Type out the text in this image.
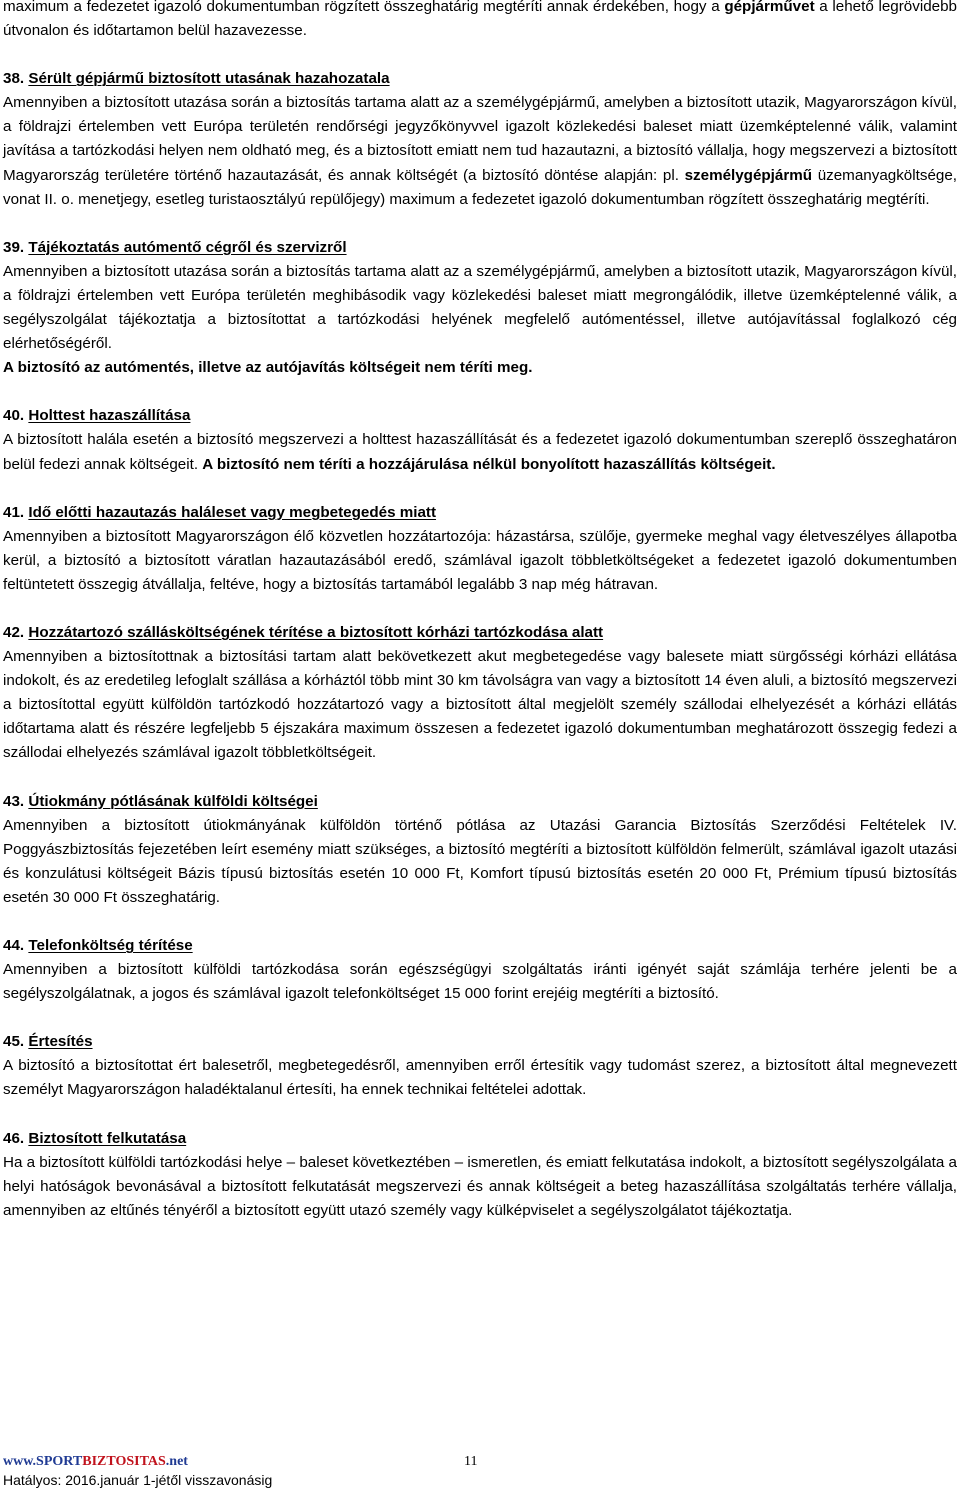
maximum a fedezetet igazoló dokumentumban rögzített összeghatárig megtéríti annak érdekében, hogy a gépjárművet a lehető legrövidebb útvonalon és időtartamon belül hazavezesse.

38. Sérült gépjármű biztosított utasának hazahozatala

Amennyiben a biztosított utazása során a biztosítás tartama alatt az a személygépjármű, amelyben a biztosított utazik, Magyarországon kívül, a földrajzi értelemben vett Európa területén rendőrségi jegyzőkönyvvel igazolt közlekedési baleset miatt üzemképtelenné válik, valamint javítása a tartózkodási helyen nem oldható meg, és a biztosított emiatt nem tud hazautazni, a biztosító vállalja, hogy megszervezi a biztosított Magyarország területére történő hazautazását, és annak költségét (a biztosító döntése alapján: pl. személygépjármű üzemanyagköltsége, vonat II. o. menetjegy, esetleg turistaosztályú repülőjegy) maximum a fedezetet igazoló dokumentumban rögzített összeghatárig megtéríti.

39. Tájékoztatás autómentő cégről és szervizről

Amennyiben a biztosított utazása során a biztosítás tartama alatt az a személygépjármű, amelyben a biztosított utazik, Magyarországon kívül, a földrajzi értelemben vett Európa területén meghibásodik vagy közlekedési baleset miatt megrongálódik, illetve üzemképtelenné válik, a segélyszolgálat tájékoztatja a biztosítottat a tartózkodási helyének megfelelő autómentéssel, illetve autójavítással foglalkozó cég elérhetőségéről.

A biztosító az autómentés, illetve az autójavítás költségeit nem téríti meg.

40. Holttest hazaszállítása

A biztosított halála esetén a biztosító megszervezi a holttest hazaszállítását és a fedezetet igazoló dokumentumban szereplő összeghatáron belül fedezi annak költségeit. A biztosító nem téríti a hozzájárulása nélkül bonyolított hazaszállítás költségeit.

41. Idő előtti hazautazás haláleset vagy megbetegedés miatt

Amennyiben a biztosított Magyarországon élő közvetlen hozzátartozója: házastársa, szülője, gyermeke meghal vagy életveszélyes állapotba kerül, a biztosító a biztosított váratlan hazautazásából eredő, számlával igazolt többletköltségeket a fedezetet igazoló dokumentumben feltüntetett összegig átvállalja, feltéve, hogy a biztosítás tartamából legalább 3 nap még hátravan.

42. Hozzátartozó szállásköltségének térítése a biztosított kórházi tartózkodása alatt

Amennyiben a biztosítottnak a biztosítási tartam alatt bekövetkezett akut megbetegedése vagy balesete miatt sürgősségi kórházi ellátása indokolt, és az eredetileg lefoglalt szállása a kórháztól több mint 30 km távolságra van vagy a biztosított 14 éven aluli, a biztosító megszervezi a biztosítottal együtt külföldön tartózkodó hozzátartozó vagy a biztosított által megjelölt személy szállodai elhelyezését a kórházi ellátás időtartama alatt és részére legfeljebb 5 éjszakára maximum összesen a fedezetet igazoló dokumentumban meghatározott összegig fedezi a szállodai elhelyezés számlával igazolt többletköltségeit.

43. Útiokmány pótlásának külföldi költségei

Amennyiben a biztosított útiokmányának külföldön történő pótlása az Utazási Garancia Biztosítás Szerződési Feltételek IV. Poggyászbiztosítás fejezetében leírt esemény miatt szükséges, a biztosító megtéríti a biztosított külföldön felmerült, számlával igazolt utazási és konzulátusi költségeit Bázis típusú biztosítás esetén 10 000 Ft, Komfort típusú biztosítás esetén 20 000 Ft, Prémium típusú biztosítás esetén 30 000 Ft összeghatárig.

44. Telefonköltség térítése

Amennyiben a biztosított külföldi tartózkodása során egészségügyi szolgáltatás iránti igényét saját számlája terhére jelenti be a segélyszolgálatnak, a jogos és számlával igazolt telefonköltséget 15 000 forint erejéig megtéríti a biztosító.

45. Értesítés

A biztosító a biztosítottat ért balesetről, megbetegedésről, amennyiben erről értesítik vagy tudomást szerez, a biztosított által megnevezett személyt Magyarországon haladéktalanul értesíti, ha ennek technikai feltételei adottak.

46. Biztosított felkutatása

Ha a biztosított külföldi tartózkodási helye – baleset következtében – ismeretlen, és emiatt felkutatása indokolt, a biztosított segélyszolgálata a helyi hatóságok bevonásával a biztosított felkutatását megszervezi és annak költségeit a beteg hazaszállítása szolgáltatás terhére vállalja, amennyiben az eltűnés tényéről a biztosított együtt utazó személy vagy külképviselet a segélyszolgálatot tájékoztatja.

www.SPORTBIZTOSITAS.net	11
Hatályos: 2016.január 1-jétől visszavonásig
